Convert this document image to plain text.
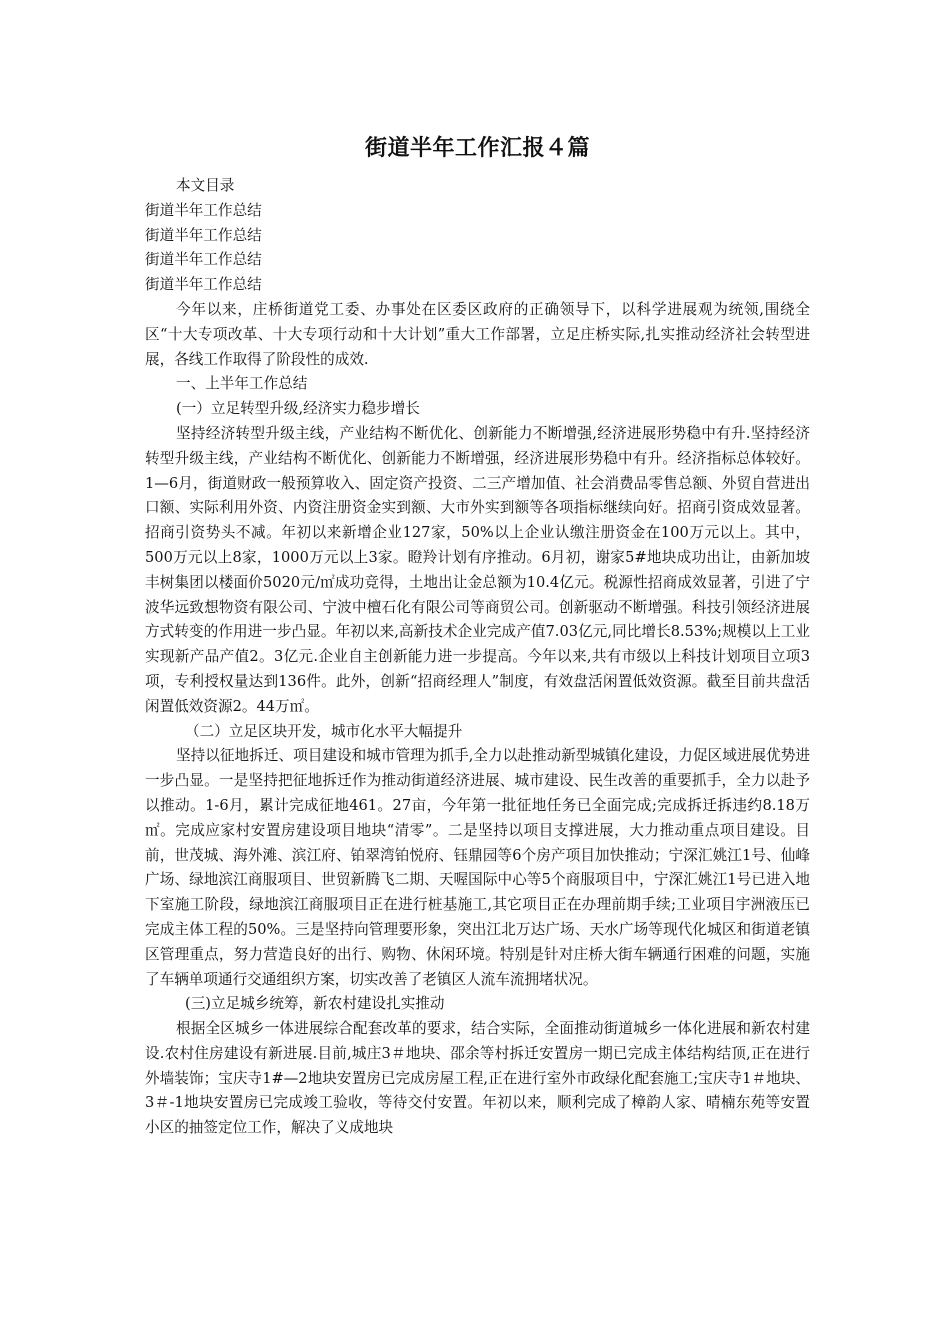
街道半年工作汇报４篇

本文目录

街道半年工作总结

街道半年工作总结

街道半年工作总结

街道半年工作总结

今年以来，庄桥街道党工委、办事处在区委区政府的正确领导下，以科学进展观为统领,围绕全区“十大专项改革、十大专项行动和十大计划”重大工作部署，立足庄桥实际,扎实推动经济社会转型进展，各线工作取得了阶段性的成效.

一、上半年工作总结

(一）立足转型升级,经济实力稳步增长

坚持经济转型升级主线，产业结构不断优化、创新能力不断增强,经济进展形势稳中有升.坚持经济转型升级主线，产业结构不断优化、创新能力不断增强，经济进展形势稳中有升。经济指标总体较好。1—6月，街道财政一般预算收入、固定资产投资、二三产增加值、社会消费品零售总额、外贸自营进出口额、实际利用外资、内资注册资金实到额、大市外实到额等各项指标继续向好。招商引资成效显著。招商引资势头不减。年初以来新增企业127家，50%以上企业认缴注册资金在100万元以上。其中，500万元以上8家，1000万元以上3家。瞪羚计划有序推动。6月初，谢家5#地块成功出让，由新加坡丰树集团以楼面价5020元/㎡成功竞得，土地出让金总额为10.4亿元。税源性招商成效显著，引进了宁波华远致想物资有限公司、宁波中檀石化有限公司等商贸公司。创新驱动不断增强。科技引领经济进展方式转变的作用进一步凸显。年初以来,高新技术企业完成产值7.03亿元,同比增长8.53%;规模以上工业实现新产品产值2。3亿元.企业自主创新能力进一步提高。今年以来,共有市级以上科技计划项目立项3项，专利授权量达到136件。此外，创新“招商经理人”制度，有效盘活闲置低效资源。截至目前共盘活闲置低效资源2。44万㎡。

（二）立足区块开发，城市化水平大幅提升

坚持以征地拆迁、项目建设和城市管理为抓手,全力以赴推动新型城镇化建设，力促区域进展优势进一步凸显。一是坚持把征地拆迁作为推动街道经济进展、城市建设、民生改善的重要抓手，全力以赴予以推动。1-6月，累计完成征地461。27亩，今年第一批征地任务已全面完成;完成拆迁拆违约8.18万㎡。完成应家村安置房建设项目地块“清零”。二是坚持以项目支撑进展，大力推动重点项目建设。目前，世茂城、海外滩、滨江府、铂翠湾铂悦府、钰鼎园等6个房产项目加快推动；宁深汇姚江1号、仙峰广场、绿地滨江商服项目、世贸新腾飞二期、天喔国际中心等5个商服项目中，宁深汇姚江1号已进入地下室施工阶段，绿地滨江商服项目正在进行桩基施工,其它项目正在办理前期手续;工业项目宇洲液压已完成主体工程的50%。三是坚持向管理要形象，突出江北万达广场、天水广场等现代化城区和街道老镇区管理重点，努力营造良好的出行、购物、休闲环境。特别是针对庄桥大街车辆通行困难的问题，实施了车辆单项通行交通组织方案，切实改善了老镇区人流车流拥堵状况。

(三)立足城乡统筹，新农村建设扎实推动

根据全区城乡一体进展综合配套改革的要求，结合实际，全面推动街道城乡一体化进展和新农村建设.农村住房建设有新进展.目前,城庄3＃地块、邵余等村拆迁安置房一期已完成主体结构结顶,正在进行外墙装饰；宝庆寺1#—2地块安置房已完成房屋工程,正在进行室外市政绿化配套施工;宝庆寺1＃地块、3＃-1地块安置房已完成竣工验收，等待交付安置。年初以来，顺利完成了樟韵人家、晴楠东苑等安置小区的抽签定位工作，解决了义成地块
